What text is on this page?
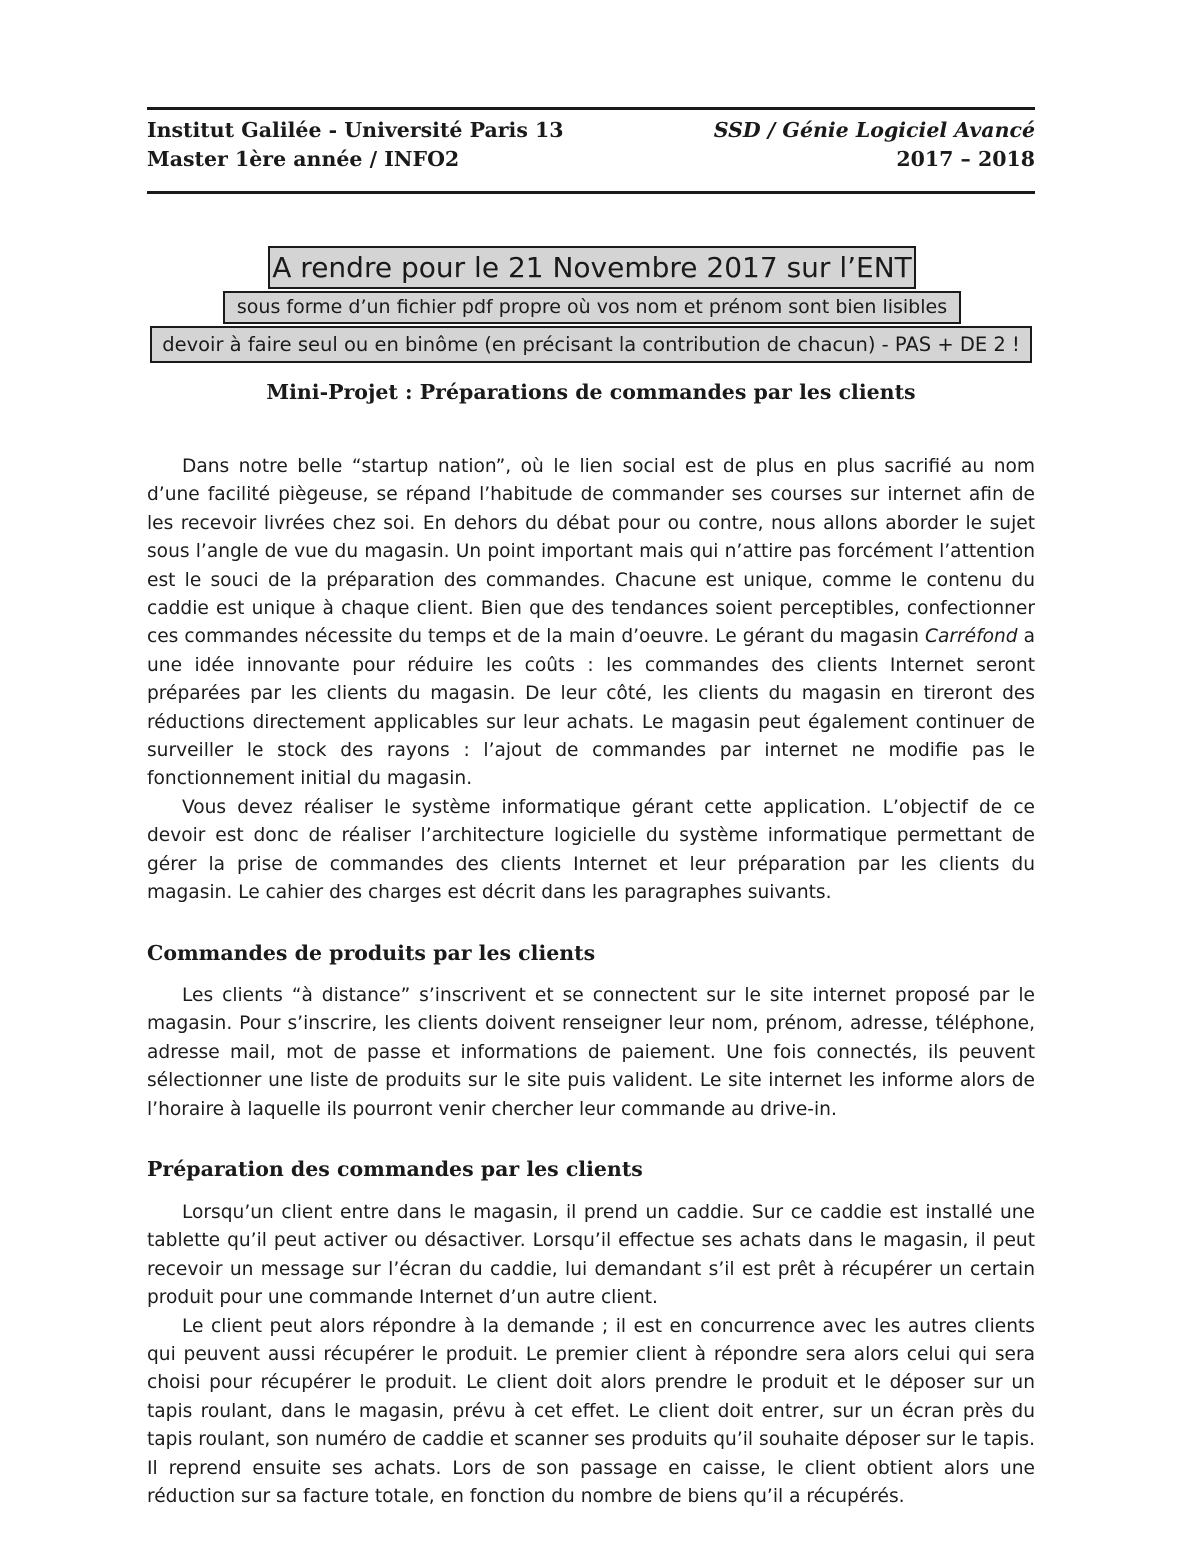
Institut Galilée - Université Paris 13	SSD / Génie Logiciel Avancé
Master 1ère année / INFO2	2017 – 2018
A rendre pour le 21 Novembre 2017 sur l’ENT
sous forme d’un fichier pdf propre où vos nom et prénom sont bien lisibles
devoir à faire seul ou en binôme (en précisant la contribution de chacun) - PAS + DE 2 !
Mini-Projet : Préparations de commandes par les clients

Dans notre belle “startup nation”, où le lien social est de plus en plus sacrifié au nom d’une facilité piègeuse, se répand l’habitude de commander ses courses sur internet afin de les recevoir livrées chez soi. En dehors du débat pour ou contre, nous allons aborder le sujet sous l’angle de vue du magasin. Un point important mais qui n’attire pas forcément l’attention est le souci de la préparation des commandes. Chacune est unique, comme le contenu du caddie est unique à chaque client. Bien que des tendances soient perceptibles, confectionner ces commandes nécessite du temps et de la main d’oeuvre. Le gérant du magasin Carréfond a une idée innovante pour réduire les coûts : les commandes des clients Internet seront préparées par les clients du magasin. De leur côté, les clients du magasin en tireront des réductions directement applicables sur leur achats. Le magasin peut également continuer de surveiller le stock des rayons : l’ajout de commandes par internet ne modifie pas le fonctionnement initial du magasin.

Vous devez réaliser le système informatique gérant cette application. L’objectif de ce devoir est donc de réaliser l’architecture logicielle du système informatique permettant de gérer la prise de commandes des clients Internet et leur préparation par les clients du magasin. Le cahier des charges est décrit dans les paragraphes suivants.

Commandes de produits par les clients

Les clients “à distance” s’inscrivent et se connectent sur le site internet proposé par le magasin. Pour s’inscrire, les clients doivent renseigner leur nom, prénom, adresse, téléphone, adresse mail, mot de passe et informations de paiement. Une fois connectés, ils peuvent sélectionner une liste de produits sur le site puis valident. Le site internet les informe alors de l’horaire à laquelle ils pourront venir chercher leur commande au drive-in.

Préparation des commandes par les clients

Lorsqu’un client entre dans le magasin, il prend un caddie. Sur ce caddie est installé une tablette qu’il peut activer ou désactiver. Lorsqu’il effectue ses achats dans le magasin, il peut recevoir un message sur l’écran du caddie, lui demandant s’il est prêt à récupérer un certain produit pour une commande Internet d’un autre client.

Le client peut alors répondre à la demande ; il est en concurrence avec les autres clients qui peuvent aussi récupérer le produit. Le premier client à répondre sera alors celui qui sera choisi pour récupérer le produit. Le client doit alors prendre le produit et le déposer sur un tapis roulant, dans le magasin, prévu à cet effet. Le client doit entrer, sur un écran près du tapis roulant, son numéro de caddie et scanner ses produits qu’il souhaite déposer sur le tapis. Il reprend ensuite ses achats. Lors de son passage en caisse, le client obtient alors une réduction sur sa facture totale, en fonction du nombre de biens qu’il a récupérés.
